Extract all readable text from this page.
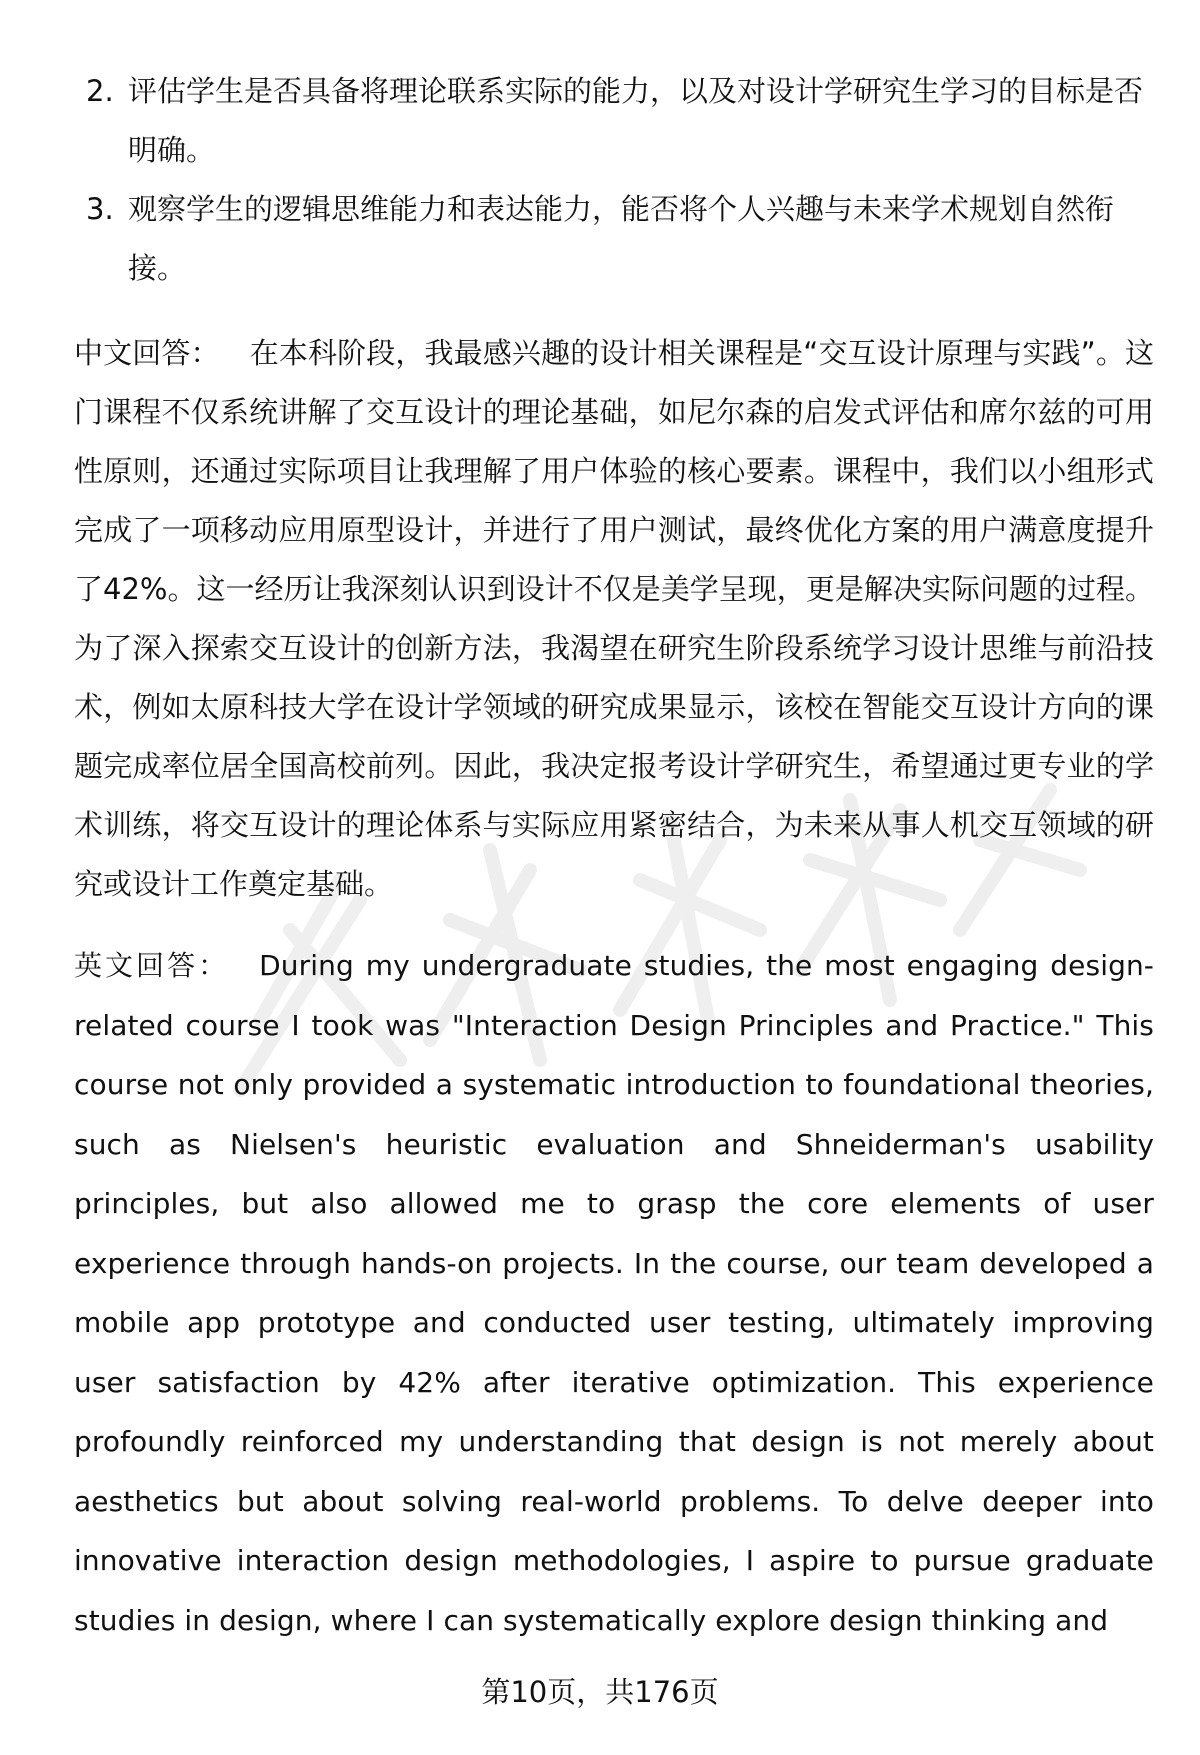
2. 评估学生是否具备将理论联系实际的能力，以及对设计学研究生学习的目标是否明确。
3. 观察学生的逻辑思维能力和表达能力，能否将个人兴趣与未来学术规划自然衔接。

中文回答： 在本科阶段，我最感兴趣的设计相关课程是“交互设计原理与实践”。这门课程不仅系统讲解了交互设计的理论基础，如尼尔森的启发式评估和席尔兹的可用性原则，还通过实际项目让我理解了用户体验的核心要素。课程中，我们以小组形式完成了一项移动应用原型设计，并进行了用户测试，最终优化方案的用户满意度提升了42%。这一经历让我深刻认识到设计不仅是美学呈现，更是解决实际问题的过程。为了深入探索交互设计的创新方法，我渴望在研究生阶段系统学习设计思维与前沿技术，例如太原科技大学在设计学领域的研究成果显示，该校在智能交互设计方向的课题完成率位居全国高校前列。因此，我决定报考设计学研究生，希望通过更专业的学术训练，将交互设计的理论体系与实际应用紧密结合，为未来从事人机交互领域的研究或设计工作奠定基础。

英文回答： During my undergraduate studies, the most engaging design-related course I took was "Interaction Design Principles and Practice." This course not only provided a systematic introduction to foundational theories, such as Nielsen's heuristic evaluation and Shneiderman's usability principles, but also allowed me to grasp the core elements of user experience through hands-on projects. In the course, our team developed a mobile app prototype and conducted user testing, ultimately improving user satisfaction by 42% after iterative optimization. This experience profoundly reinforced my understanding that design is not merely about aesthetics but about solving real-world problems. To delve deeper into innovative interaction design methodologies, I aspire to pursue graduate studies in design, where I can systematically explore design thinking and

第10页，共176页
